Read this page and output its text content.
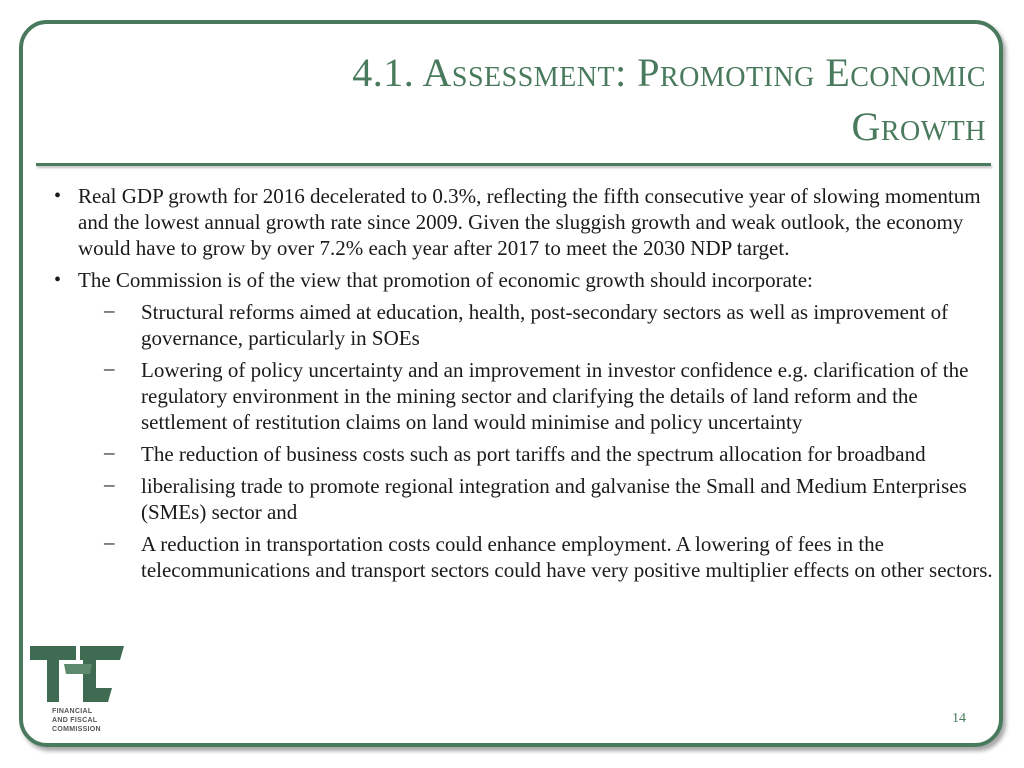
4.1. Assessment: Promoting Economic
Growth
• Real GDP growth for 2016 decelerated to 0.3%, reflecting the fifth consecutive year of slowing momentum and the lowest annual growth rate since 2009. Given the sluggish growth and weak outlook, the economy would have to grow by over 7.2% each year after 2017 to meet the 2030 NDP target.
• The Commission is of the view that promotion of economic growth should incorporate:
– Structural reforms aimed at education, health, post-secondary sectors as well as improvement of governance, particularly in SOEs
– Lowering of policy uncertainty and an improvement in investor confidence e.g. clarification of the regulatory environment in the mining sector and clarifying the details of land reform and the settlement of restitution claims on land would minimise and policy uncertainty
– The reduction of business costs such as port tariffs and the spectrum allocation for broadband
– liberalising trade to promote regional integration and galvanise the Small and Medium Enterprises (SMEs) sector and
– A reduction in transportation costs could enhance employment. A lowering of fees in the telecommunications and transport sectors could have very positive multiplier effects on other sectors.
FINANCIAL
AND FISCAL
COMMISSION
14
